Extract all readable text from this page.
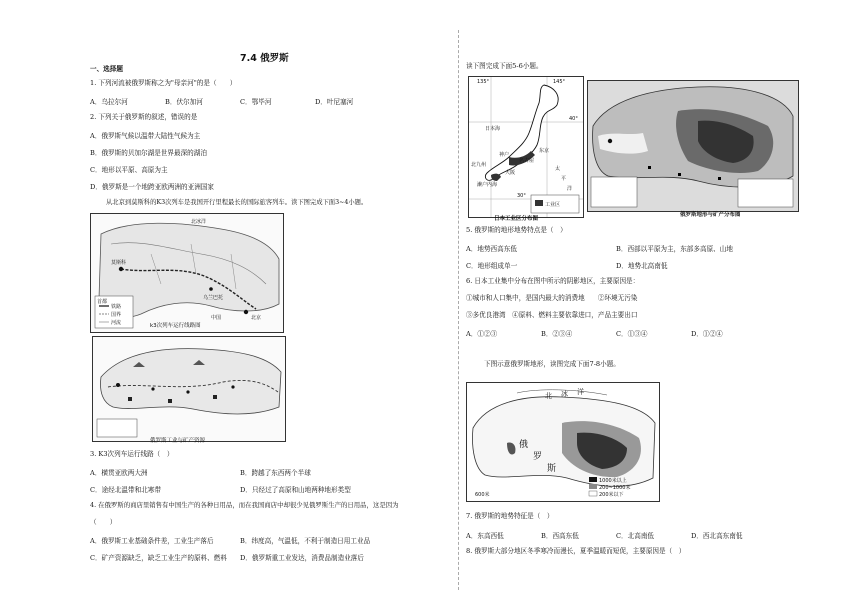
7.4 俄罗斯
一、选择题
1. 下列河流被俄罗斯称之为"母亲河"的是（　　）
A．乌拉尔河	B．伏尔加河	C．鄂毕河	D．叶尼塞河
2. 下列关于俄罗斯的叙述，错误的是
A．俄罗斯气候以温带大陆性气候为主
B．俄罗斯的贝加尔湖是世界最深的湖泊
C．地形以平原、高原为主
D．俄罗斯是一个地跨亚欧两洲的亚洲国家
从北京到莫斯科的K3次列车是我国开行里程最长的国际旅客列车。读下图完成下面3~4小题。
北冰洋
莫斯科
乌兰巴托
北京
中国
首都
铁路
国界
河流	k3次列车运行线路图
俄罗斯工业与矿产资源
3. K3次列车运行线路（　）
A．横贯亚欧两大洲	B．跨越了东西两个半球
C．途经北温带和北寒带	D．只经过了高原和山地两种地形类型
4. 在俄罗斯的商店里销售有中国生产的各种日用品，而在我国商店中却很少见俄罗斯生产的日用品，这是因为
（　　）
A．俄罗斯工业基础条件差，工业生产落后	B．纬度高，气温低，不利于制造日用工业品
C．矿产资源缺乏，缺乏工业生产的原料、燃料 D．俄罗斯重工业发达，消费品制造业落后
读下图完成下面5-6小题。
135°	145°
40°
30°
日本海
北九州
神户
大阪
东京
名古屋
濑户内海
太
平
洋
工业区
日本工业区分布图
俄罗斯地形与矿产分布图
5. 俄罗斯的地形地势特点是（　）
A．地势西高东低	B．西部以平原为主，东部多高原、山地
C．地形组成单一	D．地势北高南低
6. 日本工业集中分布在图中所示的阴影地区，主要原因是：
①城市和人口集中，是国内最大的消费地　　②环境无污染
③多优良港湾　④原料、燃料主要依靠进口，产品主要出口
A．①②③	B．②③④	C．①③④	D．①②④
下图示意俄罗斯地形，读图完成下面7-8小题。
北 冰 洋
俄
罗
斯
1000米以上
200~1000米
200米以下
600米
7. 俄罗斯的地势特征是（　）
A．东高西低	B．西高东低	C．北高南低	D．西北高东南低
8. 俄罗斯大部分地区冬季寒冷而漫长，夏季温暖而短促，主要原因是（　）
